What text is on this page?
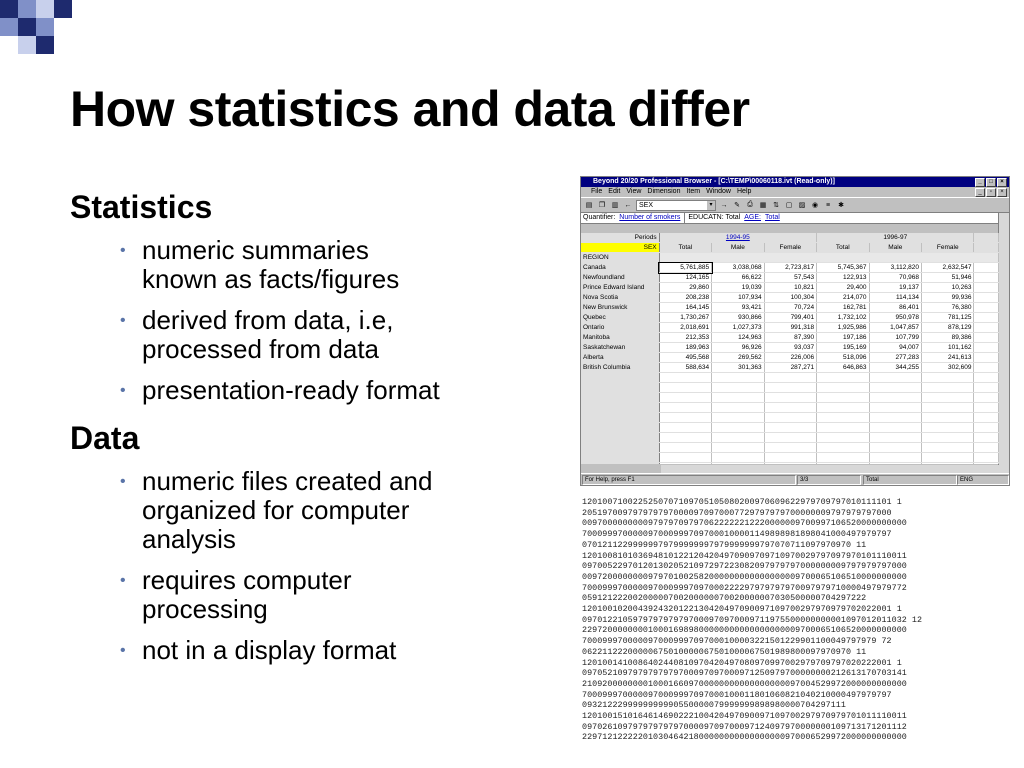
How statistics and data differ
Statistics
• numeric summaries known as facts/figures
• derived from data, i.e, processed from data
• presentation-ready format
Data
• numeric files created and organized for computer analysis
• requires computer processing
• not in a display format
Beyond 20/20 Professional Browser - [C:\TEMP\00060118.ivt (Read-only)]	_	□	×
File Edit View Dimension Item Window Help	_	▫	×
▤ ❐ ▥ ←	SEX ▾	→ ✎	⎙ ▦ ⇅ ▢ ▨ ◉	≡	✱
Quantifier: Number of smokers	EDUCATN: Total AGE: Total
Periods	1994-95			1996-97			
SEX	Total	Male	Female	Total	Male	Female	
REGION							
Canada	5,761,885	3,038,068	2,723,817	5,745,367	3,112,820	2,632,547	
Newfoundland	124,165	66,622	57,543	122,913	70,968	51,946	
Prince Edward Island	29,860	19,039	10,821	29,400	19,137	10,263	
Nova Scotia	208,238	107,934	100,304	214,070	114,134	99,936	
New Brunswick	164,145	93,421	70,724	162,781	86,401	76,380	
Quebec	1,730,267	930,866	799,401	1,732,102	950,978	781,125	
Ontario	2,018,691	1,027,373	991,318	1,925,986	1,047,857	878,129	
Manitoba	212,353	124,963	87,390	197,186	107,799	89,386	
Saskatchewan	189,963	96,926	93,037	195,169	94,007	101,162	
Alberta	495,568	269,562	226,006	518,096	277,283	241,613	
British Columbia	588,634	301,363	287,271	646,863	344,255	302,609	

For Help, press F1	3/3	Total	ENG
1201007100225250707109705105080200970609622979709797010111101 1
2051970097979797970000970970007729797979700000009797979797000
0097000000000979797097970622222212220000009700997106520000000000
7000999700000970009997097000100001149898981898041000497979797
07012112299999979799999997979999999797070711097970970 11
1201008101036948101221204204970909709710970029797097970101110011
0970052297012013020521097297223082097979797000000009797979797000
0097200000000979701002582000000000000000009700065106510000000000
7000999700000970009997097000222297979797970097979710000497979772
05912122200200000700200000070020000007030500000704297222
1201001020043924320122130420497090097109700297970979702022001 1
0970122105979797979797000970970009711975500000000001097012011032 12
2297200000000100016989800000000000000000009700065106520000000000
7000999700000970009997097000100003221501229901100049797979 72
06221122200000675010000067501000067501989800097970970 11
1201001410086402440810970420497080970997002979709797020222001 1
0970521097979797979700097097000971250979700000000212613170703141
2109200000000100016609700000000000000000097004529972000000000000
7000999700000970009997097000100011801060821040210000497979797
0932122299999999990550000079999999898980000704297111
1201001510164614690222100420497090097109700297970979701011110011
0970261097979797979700009709700097124097970000000109713171201112
2297121222220103046421800000000000000000970006529972000000000000
